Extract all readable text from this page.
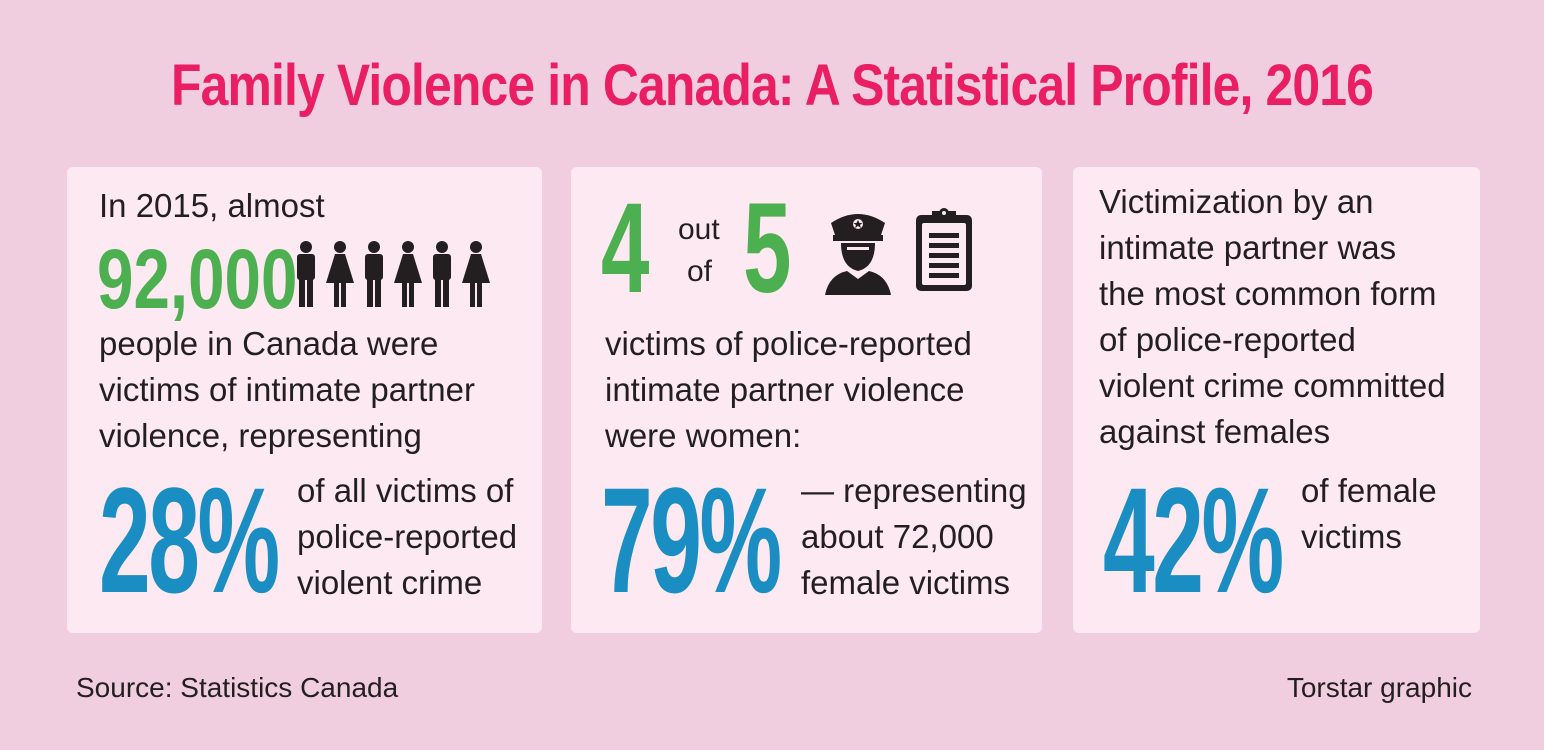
Family Violence in Canada: A Statistical Profile, 2016
In 2015, almost
92,000
people in Canada were
victims of intimate partner
violence, representing
28% of all victims of
police-reported
violent crime
4 out
of 5
victims of police-reported
intimate partner violence
were women:
79% — representing
about 72,000
female victims
Victimization by an
intimate partner was
the most common form
of police-reported
violent crime committed
against females
42% of female
victims
Source: Statistics Canada	Torstar graphic
